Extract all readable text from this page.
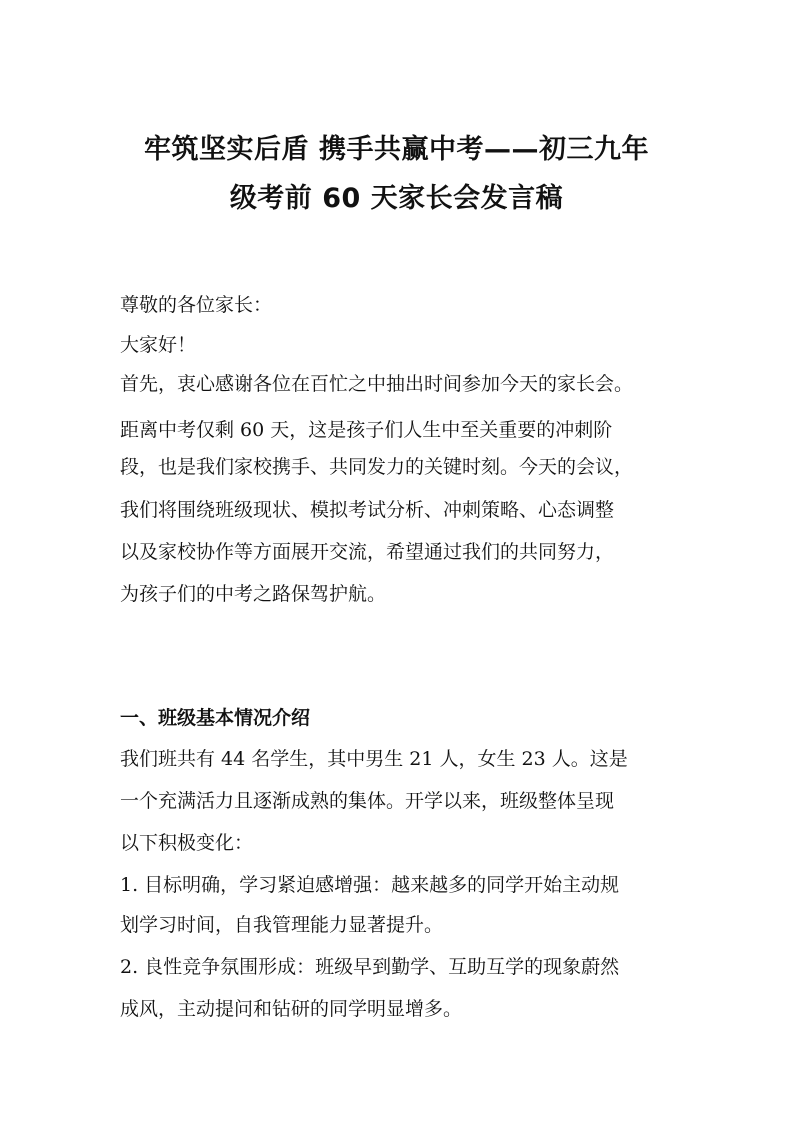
牢筑坚实后盾 携手共赢中考——初三九年
级考前 60 天家长会发言稿

尊敬的各位家长：

大家好！

首先，衷心感谢各位在百忙之中抽出时间参加今天的家长会。

距离中考仅剩 60 天，这是孩子们人生中至关重要的冲刺阶

段，也是我们家校携手、共同发力的关键时刻。今天的会议，

我们将围绕班级现状、模拟考试分析、冲刺策略、心态调整

以及家校协作等方面展开交流，希望通过我们的共同努力，

为孩子们的中考之路保驾护航。

一、班级基本情况介绍

我们班共有 44 名学生，其中男生 21 人，女生 23 人。这是

一个充满活力且逐渐成熟的集体。开学以来，班级整体呈现

以下积极变化：

1. 目标明确，学习紧迫感增强：越来越多的同学开始主动规

划学习时间，自我管理能力显著提升。

2. 良性竞争氛围形成：班级早到勤学、互助互学的现象蔚然

成风，主动提问和钻研的同学明显增多。
